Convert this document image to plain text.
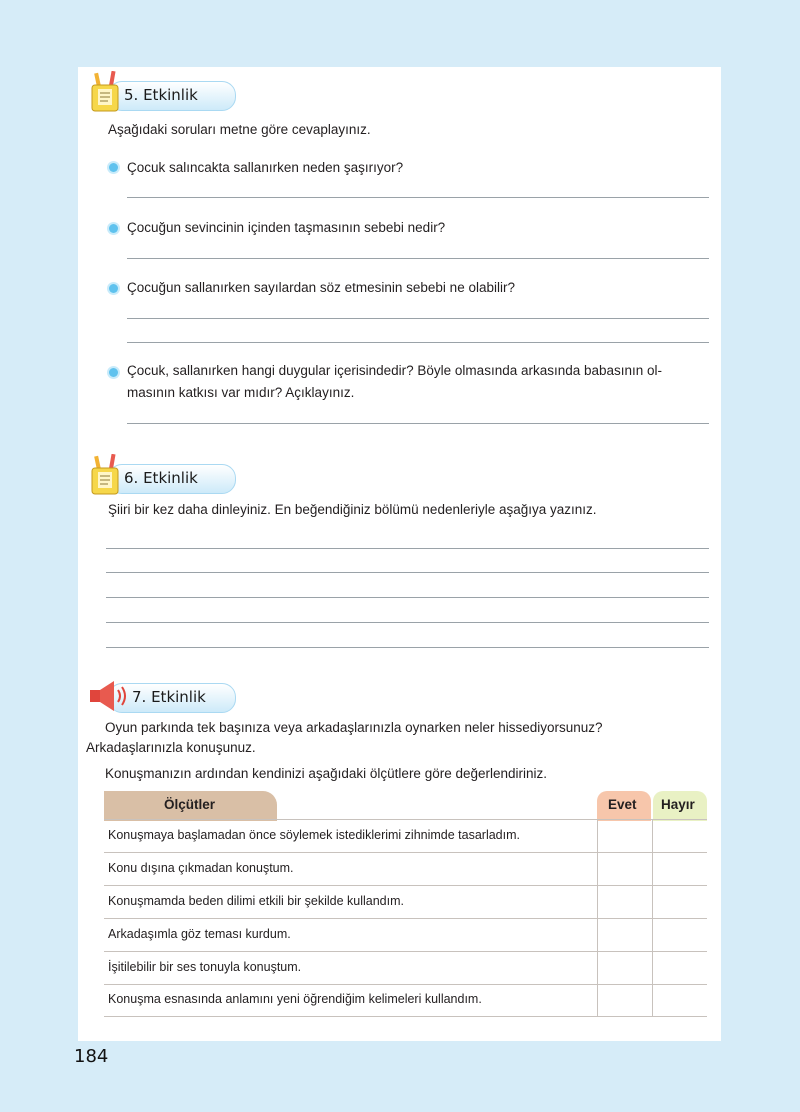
5. Etkinlik
Aşağıdaki soruları metne göre cevaplayınız.
Çocuk salıncakta sallanırken neden şaşırıyor?
Çocuğun sevincinin içinden taşmasının sebebi nedir?
Çocuğun sallanırken sayılardan söz etmesinin sebebi ne olabilir?
Çocuk, sallanırken hangi duygular içerisindedir? Böyle olmasında arkasında babasının ol-
masının katkısı var mıdır? Açıklayınız.
6. Etkinlik
Şiiri bir kez daha dinleyiniz. En beğendiğiniz bölümü nedenleriyle aşağıya yazınız.
7. Etkinlik
Oyun parkında tek başınıza veya arkadaşlarınızla oynarken neler hissediyorsunuz?
Arkadaşlarınızla konuşunuz.
Konuşmanızın ardından kendinizi aşağıdaki ölçütlere göre değerlendiriniz.
Ölçütler	Evet Hayır
Konuşmaya başlamadan önce söylemek istediklerimi zihnimde tasarladım.
Konu dışına çıkmadan konuştum.
Konuşmamda beden dilimi etkili bir şekilde kullandım.
Arkadaşımla göz teması kurdum.
İşitilebilir bir ses tonuyla konuştum.
Konuşma esnasında anlamını yeni öğrendiğim kelimeleri kullandım.
184
